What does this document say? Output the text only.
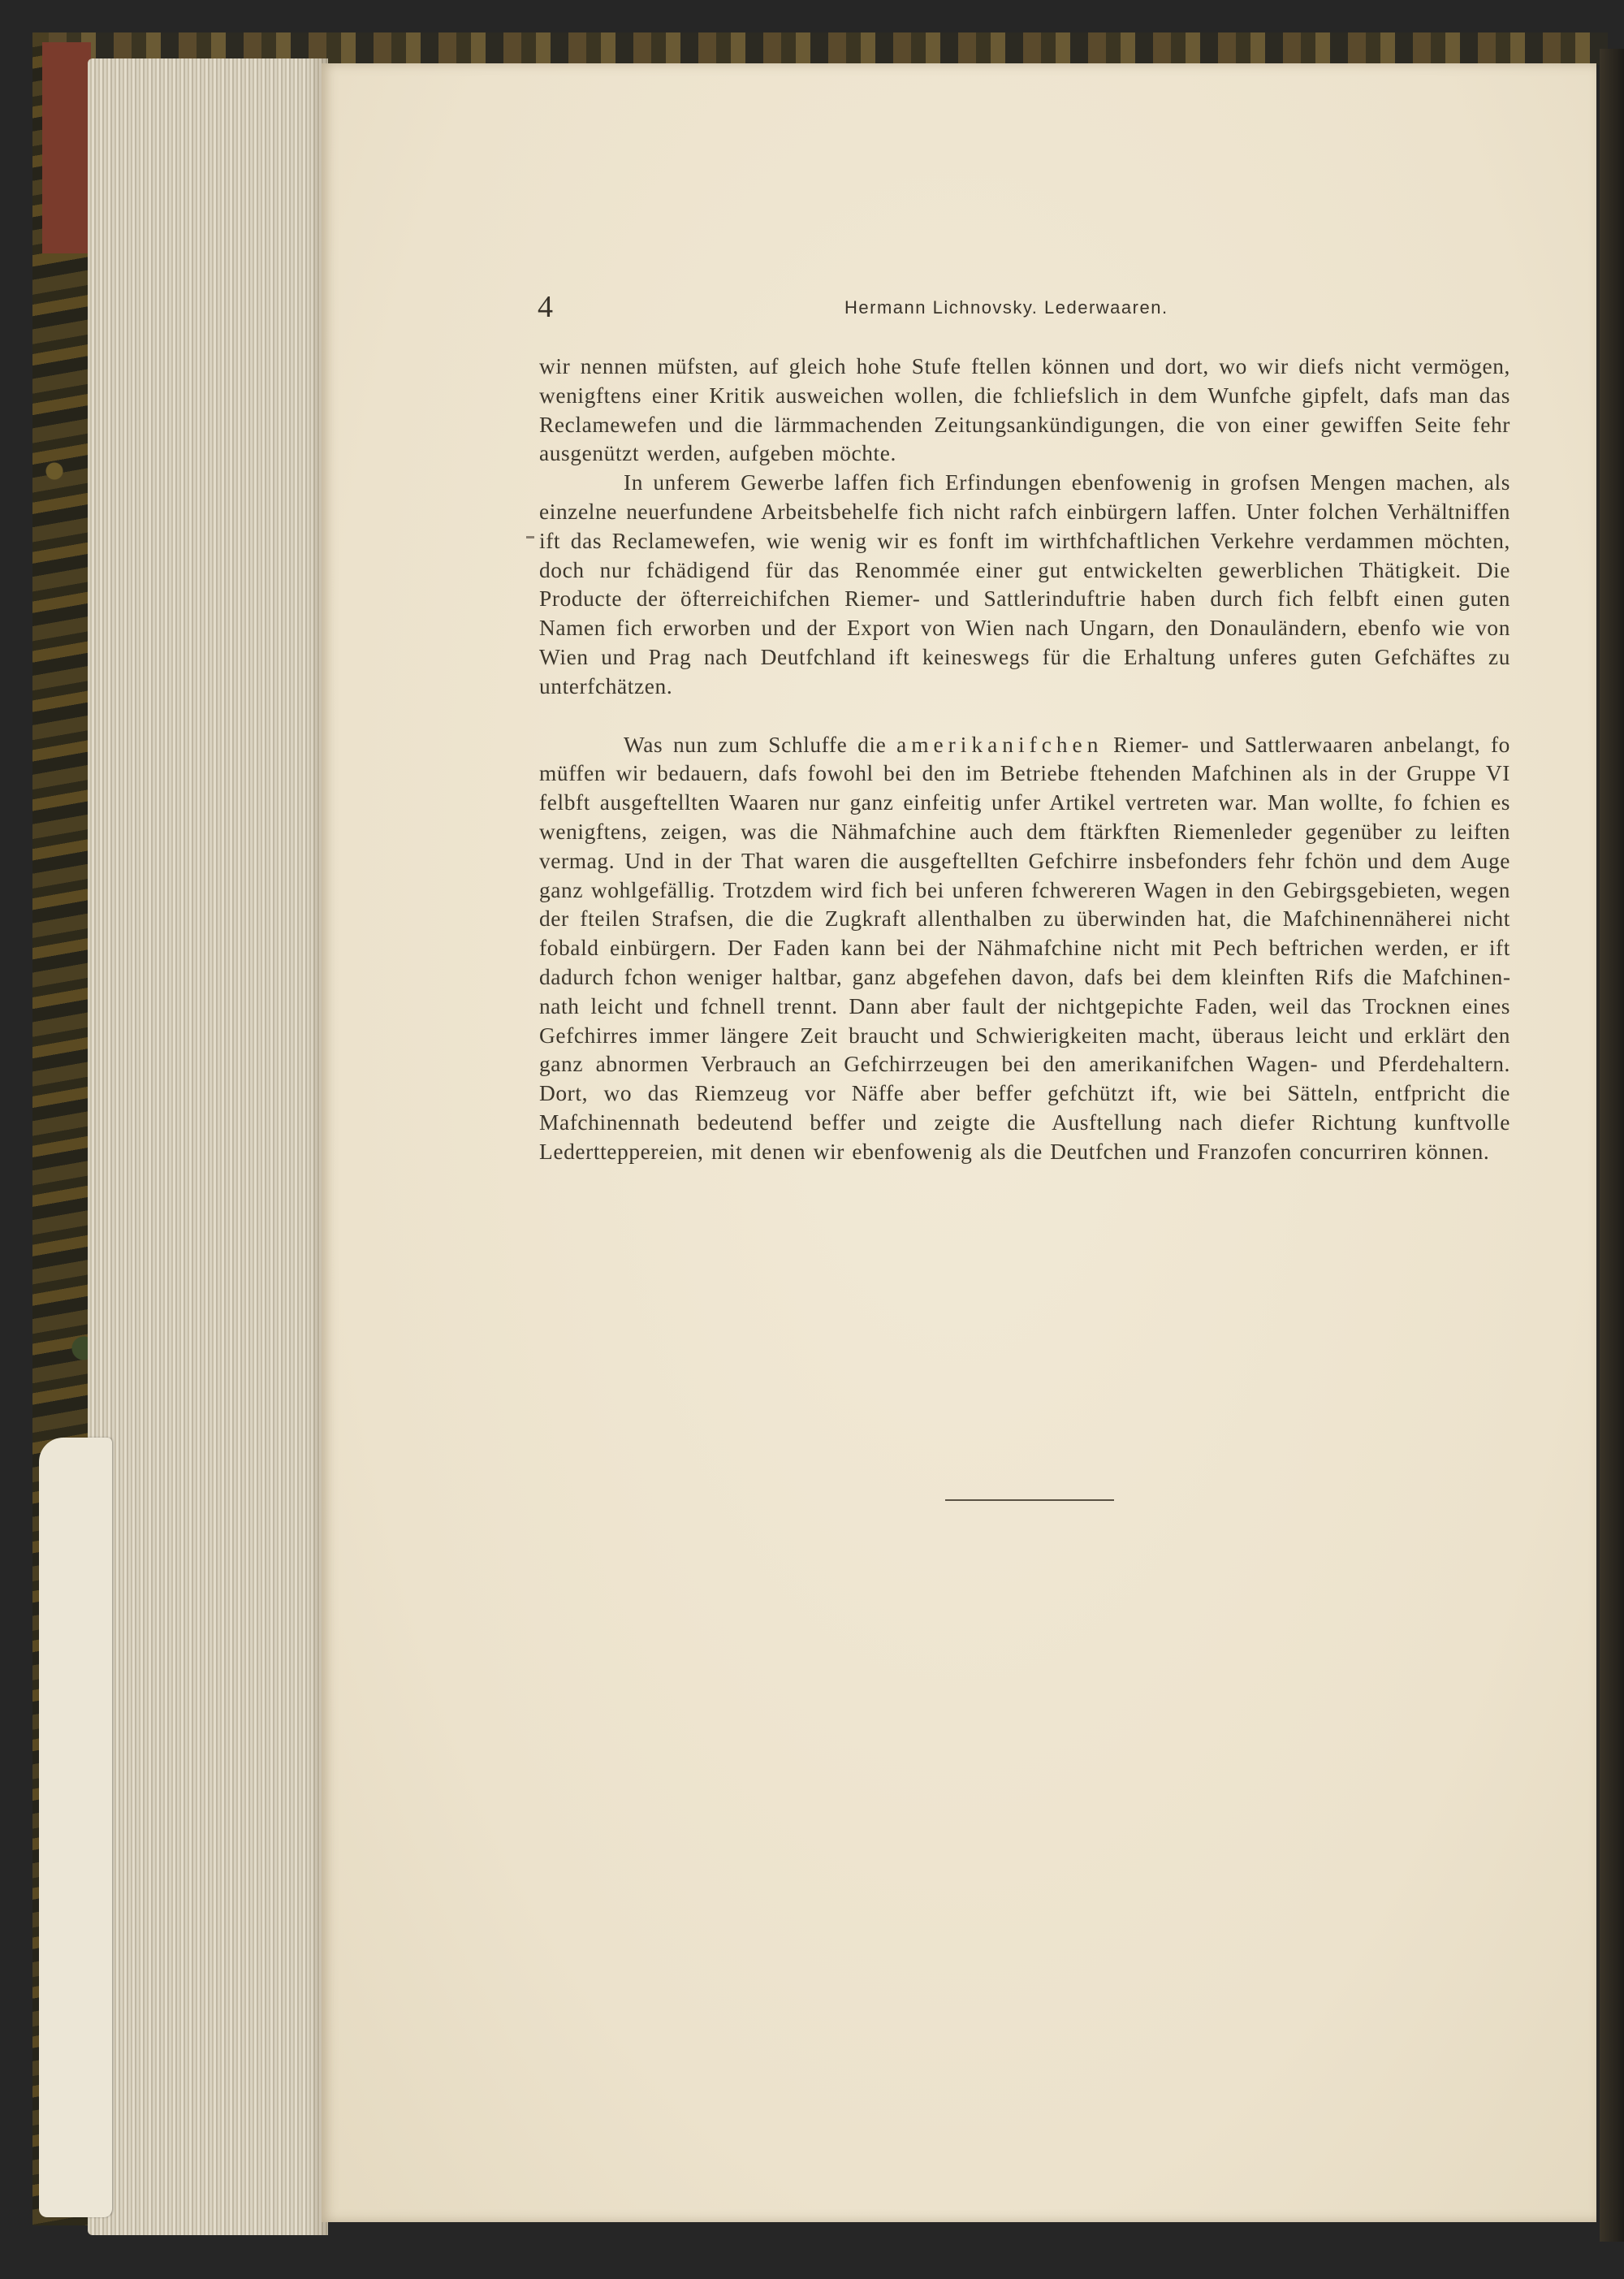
4	Hermann Lichnovsky. Lederwaaren.

wir nennen müfsten, auf gleich hohe Stufe ftellen können und dort, wo wir diefs nicht vermögen, wenigftens einer Kritik ausweichen wollen, die fchliefslich in dem Wunfche gipfelt, dafs man das Reclamewefen und die lärmmachenden Zeitungsankündigungen, die von einer gewiffen Seite fehr ausgenützt werden, aufgeben möchte.

In unferem Gewerbe laffen fich Erfindungen ebenfowenig in grofsen Mengen machen, als einzelne neuerfundene Arbeitsbehelfe fich nicht rafch einbürgern laffen. Unter folchen Verhältniffen ift das Reclamewefen, wie wenig wir es fonft im wirthfchaftlichen Verkehre verdammen möchten, doch nur fchädigend für das Renommée einer gut entwickelten gewerblichen Thätigkeit. Die Producte der öfterreichifchen Riemer- und Sattlerinduftrie haben durch fich felbft einen guten Namen fich erworben und der Export von Wien nach Ungarn, den Donauländern, ebenfo wie von Wien und Prag nach Deutfchland ift keineswegs für die Erhaltung unferes guten Gefchäftes zu unterfchätzen.

Was nun zum Schluffe die amerikanifchen Riemer- und Sattlerwaaren anbelangt, fo müffen wir bedauern, dafs fowohl bei den im Betriebe ftehenden Mafchinen als in der Gruppe VI felbft ausgeftellten Waaren nur ganz einfeitig unfer Artikel vertreten war. Man wollte, fo fchien es wenigftens, zeigen, was die Nähmafchine auch dem ftärkften Riemenleder gegenüber zu leiften vermag. Und in der That waren die ausgeftellten Gefchirre insbefonders fehr fchön und dem Auge ganz wohlgefällig. Trotzdem wird fich bei unferen fchwereren Wagen in den Gebirgsgebieten, wegen der fteilen Strafsen, die die Zugkraft allenthalben zu überwinden hat, die Mafchinennäherei nicht fobald einbürgern. Der Faden kann bei der Nähmafchine nicht mit Pech beftrichen werden, er ift dadurch fchon weniger haltbar, ganz abgefehen davon, dafs bei dem kleinften Rifs die Mafchinennath leicht und fchnell trennt. Dann aber fault der nichtgepichte Faden, weil das Trocknen eines Gefchirres immer längere Zeit braucht und Schwierigkeiten macht, überaus leicht und erklärt den ganz abnormen Verbrauch an Gefchirrzeugen bei den amerikanifchen Wagen- und Pferdehaltern. Dort, wo das Riemzeug vor Näffe aber beffer gefchützt ift, wie bei Sätteln, entfpricht die Mafchinennath bedeutend beffer und zeigte die Ausftellung nach diefer Richtung kunftvolle Ledertteppereien, mit denen wir ebenfowenig als die Deutfchen und Franzofen concurriren können.
